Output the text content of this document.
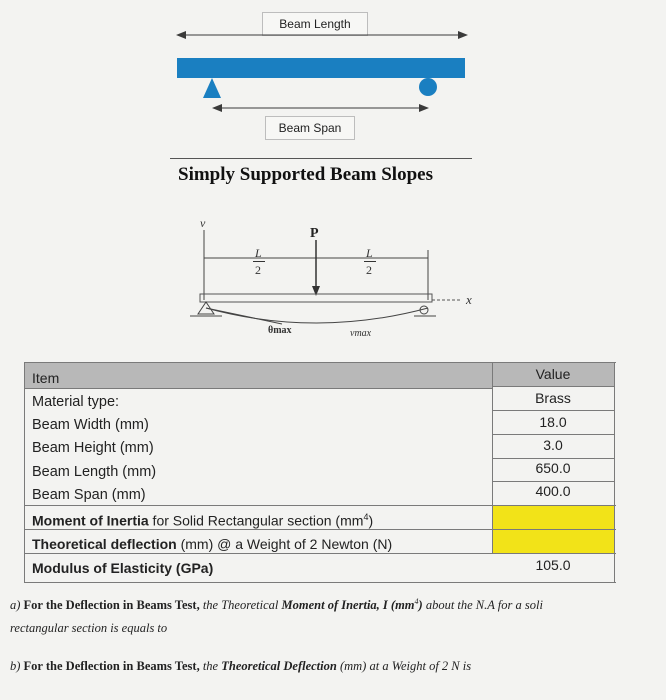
Beam Length
Beam Span
Simply Supported Beam Slopes
v
P
L
2
L
2
x
θmax	vmax
Item	Value
Material type:	Brass
Beam Width (mm)	18.0
Beam Height (mm)	3.0
Beam Length (mm)	650.0
Beam Span (mm)	400.0
Moment of Inertia for Solid Rectangular section $(mm^4)$
Theoretical deflection (mm) @ a Weight of 2 Newton (N)
Modulus of Elasticity (GPa)	105.0
a) For the Deflection in Beams Test, the Theoretical Moment of Inertia, I $(mm^4)$ about the N.A for a soli
rectangular section is equals to
b) For the Deflection in Beams Test, the Theoretical Deflection (mm) at a Weight of 2 N is
